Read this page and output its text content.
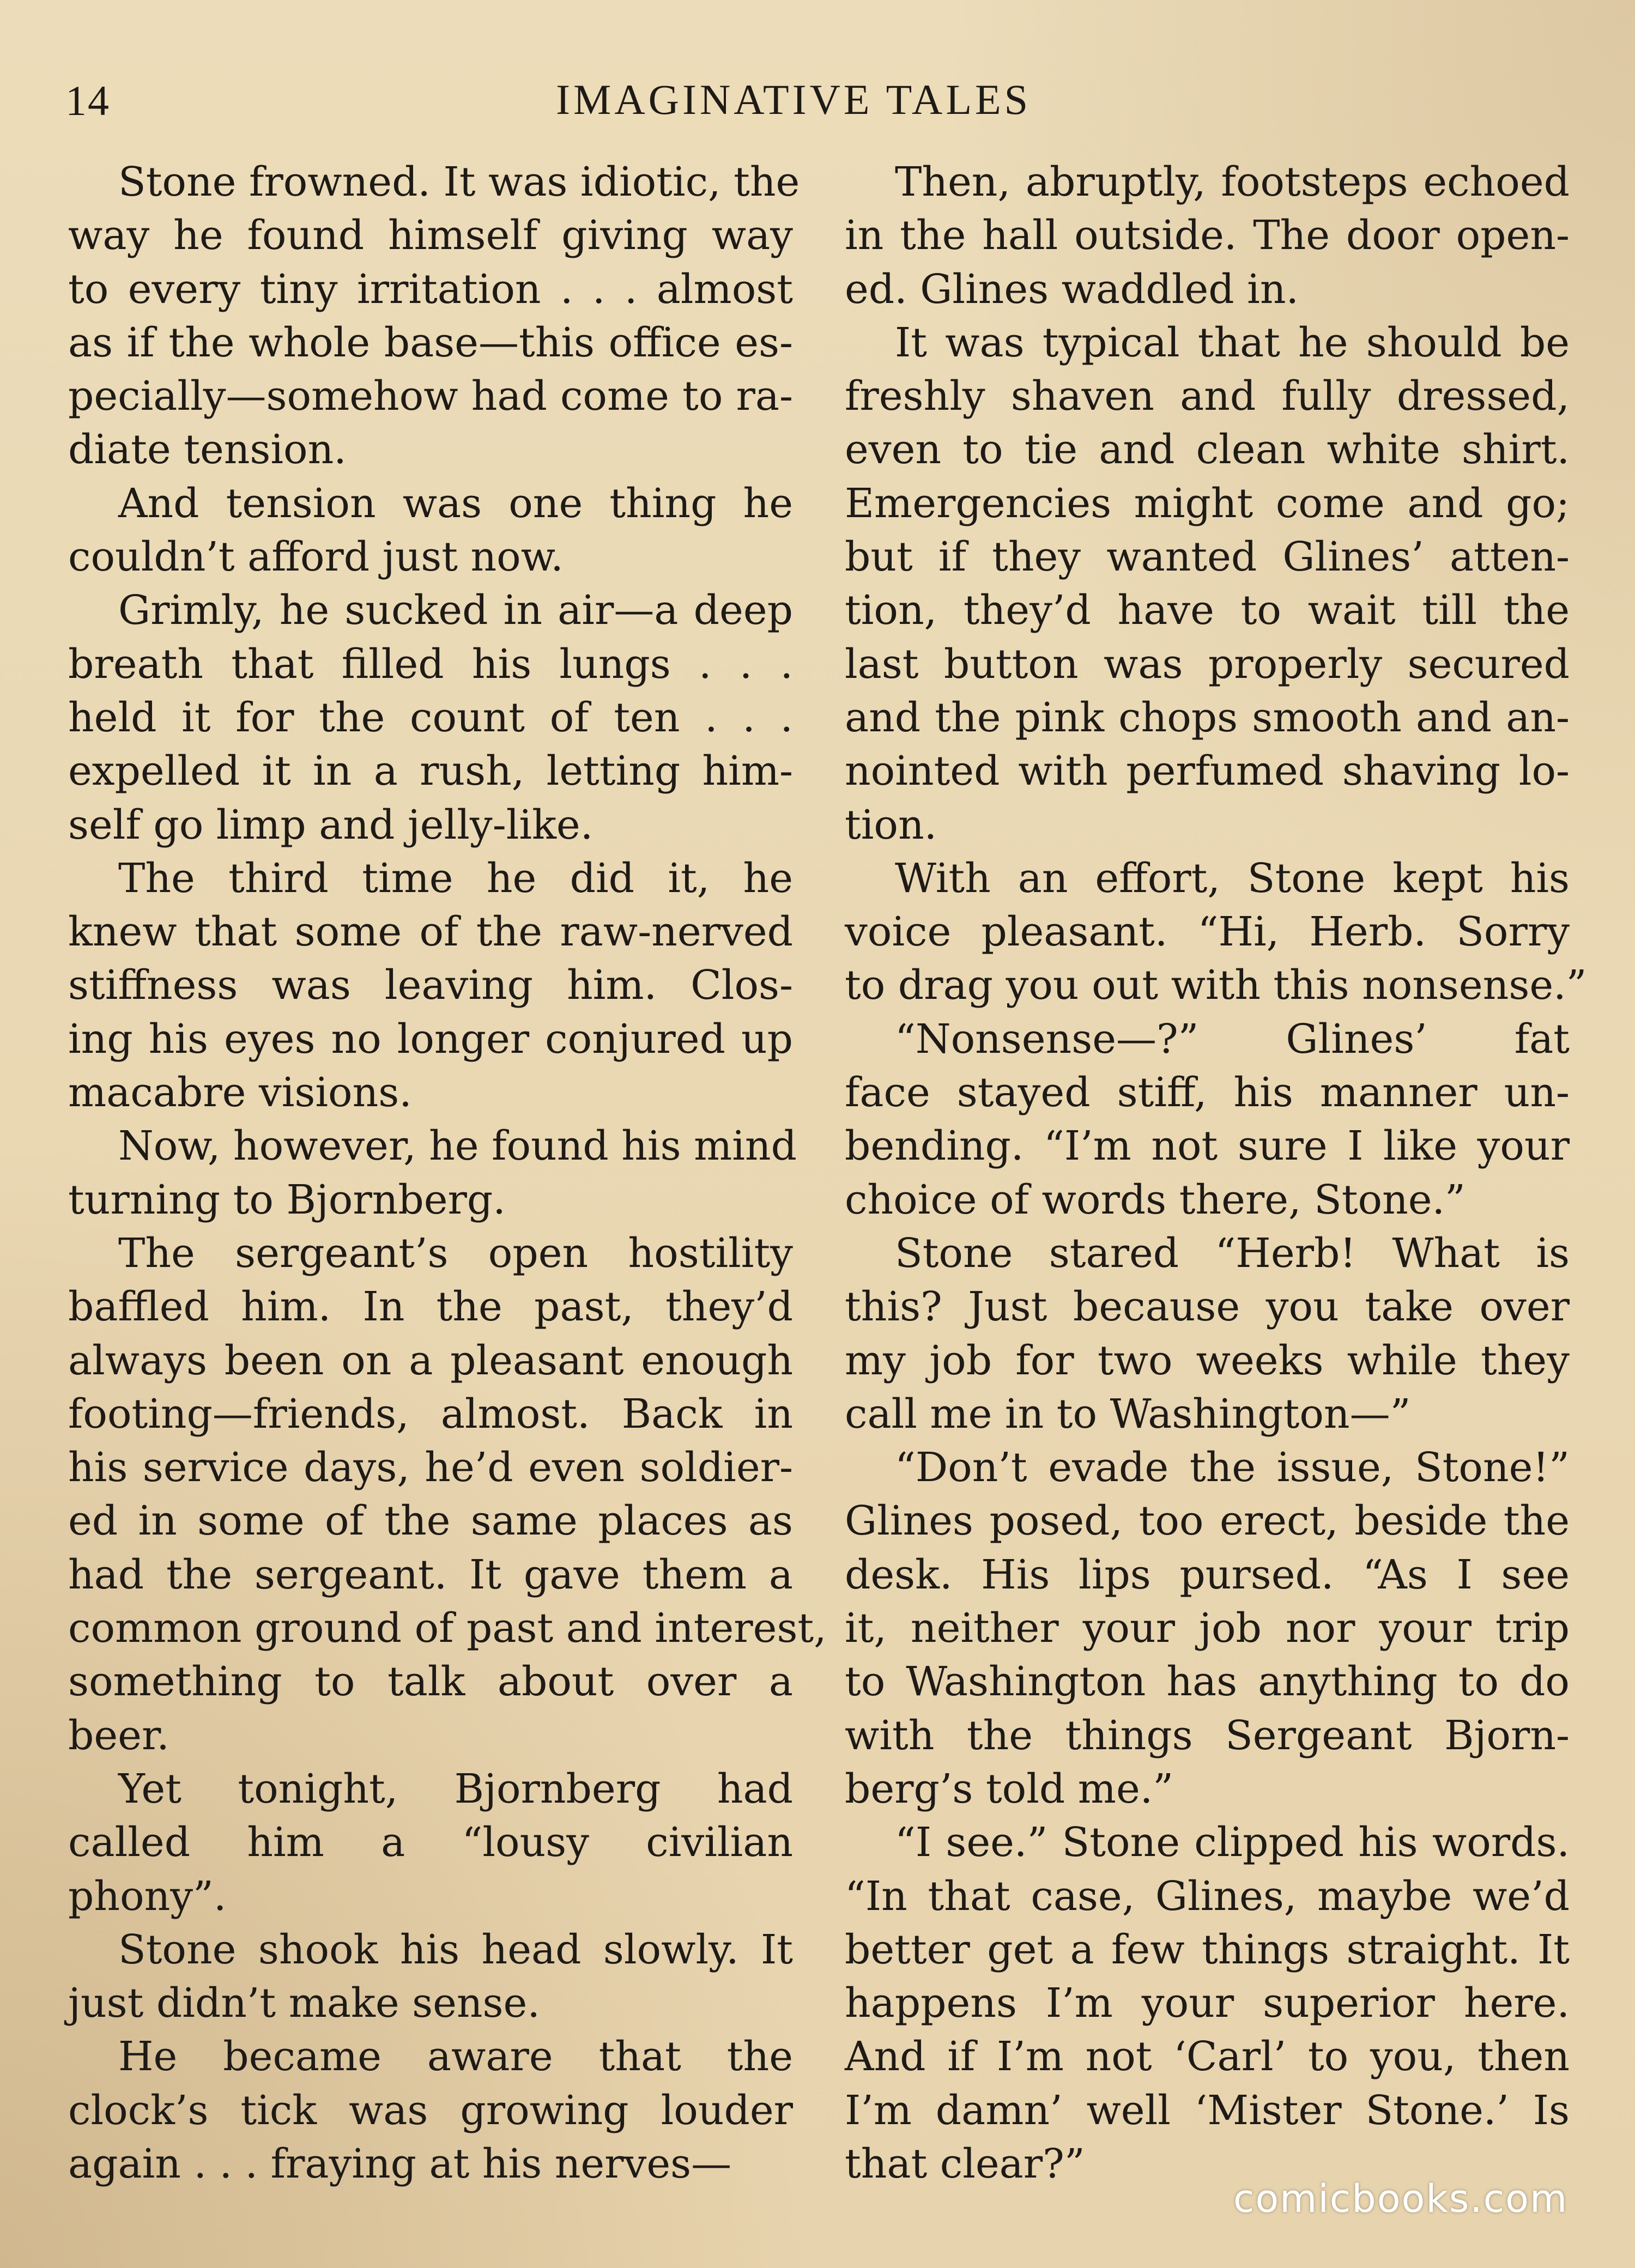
14	IMAGINATIVE TALES
Stone frowned. It was idiotic, the
way he found himself giving way
to every tiny irritation . . . almost
as if the whole base—this office es-
pecially—somehow had come to ra-
diate tension.
And tension was one thing he
couldn’t afford just now.
Grimly, he sucked in air—a deep
breath that filled his lungs . . .
held it for the count of ten . . .
expelled it in a rush, letting him-
self go limp and jelly-like.
The third time he did it, he
knew that some of the raw-nerved
stiffness was leaving him. Clos-
ing his eyes no longer conjured up
macabre visions.
Now, however, he found his mind
turning to Bjornberg.
The sergeant’s open hostility
baffled him. In the past, they’d
always been on a pleasant enough
footing—friends, almost. Back in
his service days, he’d even soldier-
ed in some of the same places as
had the sergeant. It gave them a
common ground of past and interest,
something to talk about over a
beer.
Yet tonight, Bjornberg had
called him a “lousy civilian
phony”.
Stone shook his head slowly. It
just didn’t make sense.
He became aware that the
clock’s tick was growing louder
again . . . fraying at his nerves—
Then, abruptly, footsteps echoed
in the hall outside. The door open-
ed. Glines waddled in.
It was typical that he should be
freshly shaven and fully dressed,
even to tie and clean white shirt.
Emergencies might come and go;
but if they wanted Glines’ atten-
tion, they’d have to wait till the
last button was properly secured
and the pink chops smooth and an-
nointed with perfumed shaving lo-
tion.
With an effort, Stone kept his
voice pleasant. “Hi, Herb. Sorry
to drag you out with this nonsense.”
“Nonsense—?” Glines’ fat
face stayed stiff, his manner un-
bending. “I’m not sure I like your
choice of words there, Stone.”
Stone stared “Herb! What is
this? Just because you take over
my job for two weeks while they
call me in to Washington—”
“Don’t evade the issue, Stone!”
Glines posed, too erect, beside the
desk. His lips pursed. “As I see
it, neither your job nor your trip
to Washington has anything to do
with the things Sergeant Bjorn-
berg’s told me.”
“I see.” Stone clipped his words.
“In that case, Glines, maybe we’d
better get a few things straight. It
happens I’m your superior here.
And if I’m not ‘Carl’ to you, then
I’m damn’ well ‘Mister Stone.’ Is
that clear?”
comicbooks.com
